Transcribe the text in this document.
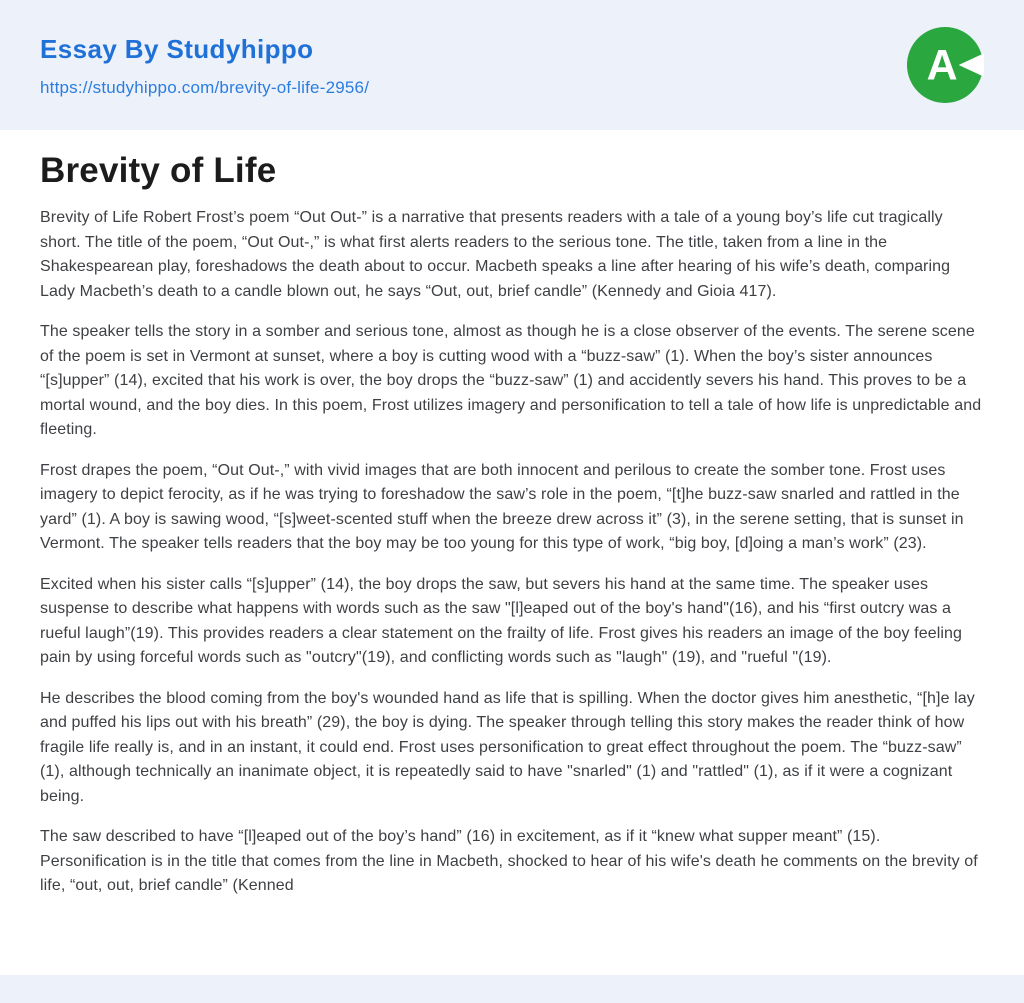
Essay By Studyhippo
https://studyhippo.com/brevity-of-life-2956/	A
Brevity of Life

Brevity of Life Robert Frost’s poem “Out Out-” is a narrative that presents readers with a tale of a young boy’s life cut tragically short. The title of the poem, “Out Out-,” is what first alerts readers to the serious tone. The title, taken from a line in the Shakespearean play, foreshadows the death about to occur. Macbeth speaks a line after hearing of his wife’s death, comparing Lady Macbeth’s death to a candle blown out, he says “Out, out, brief candle” (Kennedy and Gioia 417).

The speaker tells the story in a somber and serious tone, almost as though he is a close observer of the events. The serene scene of the poem is set in Vermont at sunset, where a boy is cutting wood with a “buzz-saw” (1). When the boy’s sister announces “[s]upper” (14), excited that his work is over, the boy drops the “buzz-saw” (1) and accidently severs his hand. This proves to be a mortal wound, and the boy dies. In this poem, Frost utilizes imagery and personification to tell a tale of how life is unpredictable and fleeting.

Frost drapes the poem, “Out Out-,” with vivid images that are both innocent and perilous to create the somber tone. Frost uses imagery to depict ferocity, as if he was trying to foreshadow the saw’s role in the poem, “[t]he buzz-saw snarled and rattled in the yard” (1). A boy is sawing wood, “[s]weet-scented stuff when the breeze drew across it” (3), in the serene setting, that is sunset in Vermont. The speaker tells readers that the boy may be too young for this type of work, “big boy, [d]oing a man’s work” (23).

Excited when his sister calls “[s]upper” (14), the boy drops the saw, but severs his hand at the same time. The speaker uses suspense to describe what happens with words such as the saw "[l]eaped out of the boy's hand"(16), and his “first outcry was a rueful laugh”(19). This provides readers a clear statement on the frailty of life. Frost gives his readers an image of the boy feeling pain by using forceful words such as "outcry"(19), and conflicting words such as "laugh" (19), and "rueful "(19).

He describes the blood coming from the boy's wounded hand as life that is spilling. When the doctor gives him anesthetic, “[h]e lay and puffed his lips out with his breath” (29), the boy is dying. The speaker through telling this story makes the reader think of how fragile life really is, and in an instant, it could end. Frost uses personification to great effect throughout the poem. The “buzz-saw” (1), although technically an inanimate object, it is repeatedly said to have "snarled" (1) and "rattled" (1), as if it were a cognizant being.

The saw described to have “[l]eaped out of the boy’s hand” (16) in excitement, as if it “knew what supper meant” (15). Personification is in the title that comes from the line in Macbeth, shocked to hear of his wife's death he comments on the brevity of life, “out, out, brief candle” (Kenned
